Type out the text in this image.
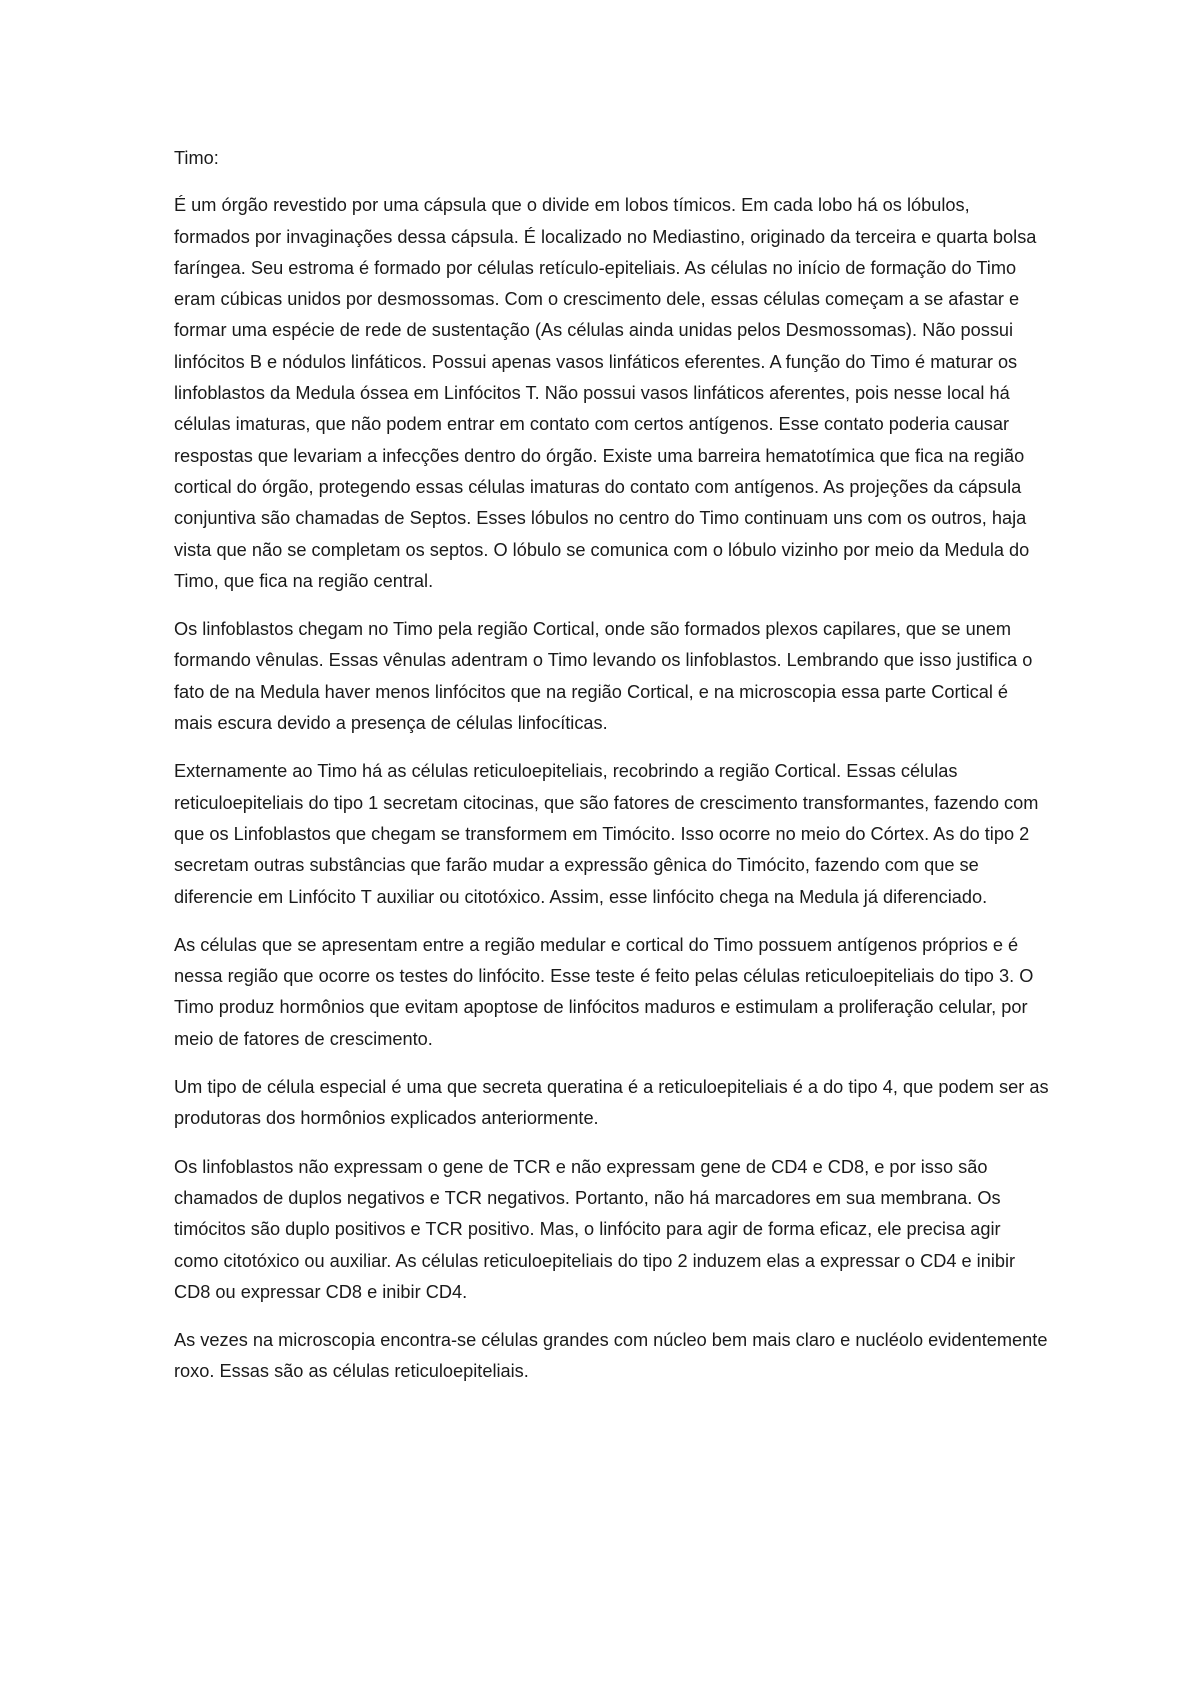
Timo:

É um órgão revestido por uma cápsula que o divide em lobos tímicos. Em cada lobo há os lóbulos, formados por invaginações dessa cápsula. É localizado no Mediastino, originado da terceira e quarta bolsa faríngea. Seu estroma é formado por células retículo-epiteliais. As células no início de formação do Timo eram cúbicas unidos por desmossomas. Com o crescimento dele, essas células começam a se afastar e formar uma espécie de rede de sustentação (As células ainda unidas pelos Desmossomas). Não possui linfócitos B e nódulos linfáticos. Possui apenas vasos linfáticos eferentes. A função do Timo é maturar os linfoblastos da Medula óssea em Linfócitos T. Não possui vasos linfáticos aferentes, pois nesse local há células imaturas, que não podem entrar em contato com certos antígenos. Esse contato poderia causar respostas que levariam a infecções dentro do órgão. Existe uma barreira hematotímica que fica na região cortical do órgão, protegendo essas células imaturas do contato com antígenos. As projeções da cápsula conjuntiva são chamadas de Septos. Esses lóbulos no centro do Timo continuam uns com os outros, haja vista que não se completam os septos. O lóbulo se comunica com o lóbulo vizinho por meio da Medula do Timo, que fica na região central.

Os linfoblastos chegam no Timo pela região Cortical, onde são formados plexos capilares, que se unem formando vênulas. Essas vênulas adentram o Timo levando os linfoblastos. Lembrando que isso justifica o fato de na Medula haver menos linfócitos que na região Cortical, e na microscopia essa parte Cortical é mais escura devido a presença de células linfocíticas.

Externamente ao Timo há as células reticuloepiteliais, recobrindo a região Cortical. Essas células reticuloepiteliais do tipo 1 secretam citocinas, que são fatores de crescimento transformantes, fazendo com que os Linfoblastos que chegam se transformem em Timócito. Isso ocorre no meio do Córtex. As do tipo 2 secretam outras substâncias que farão mudar a expressão gênica do Timócito, fazendo com que se diferencie em Linfócito T auxiliar ou citotóxico. Assim, esse linfócito chega na Medula já diferenciado.

As células que se apresentam entre a região medular e cortical do Timo possuem antígenos próprios e é nessa região que ocorre os testes do linfócito. Esse teste é feito pelas células reticuloepiteliais do tipo 3. O Timo produz hormônios que evitam apoptose de linfócitos maduros e estimulam a proliferação celular, por meio de fatores de crescimento.

Um tipo de célula especial é uma que secreta queratina é a reticuloepiteliais é a do tipo 4, que podem ser as produtoras dos hormônios explicados anteriormente.

Os linfoblastos não expressam o gene de TCR e não expressam gene de CD4 e CD8, e por isso são chamados de duplos negativos e TCR negativos. Portanto, não há marcadores em sua membrana. Os timócitos são duplo positivos e TCR positivo. Mas, o linfócito para agir de forma eficaz, ele precisa agir como citotóxico ou auxiliar. As células reticuloepiteliais do tipo 2 induzem elas a expressar o CD4 e inibir CD8 ou expressar CD8 e inibir CD4.

As vezes na microscopia encontra-se células grandes com núcleo bem mais claro e nucléolo evidentemente roxo. Essas são as células reticuloepiteliais.
